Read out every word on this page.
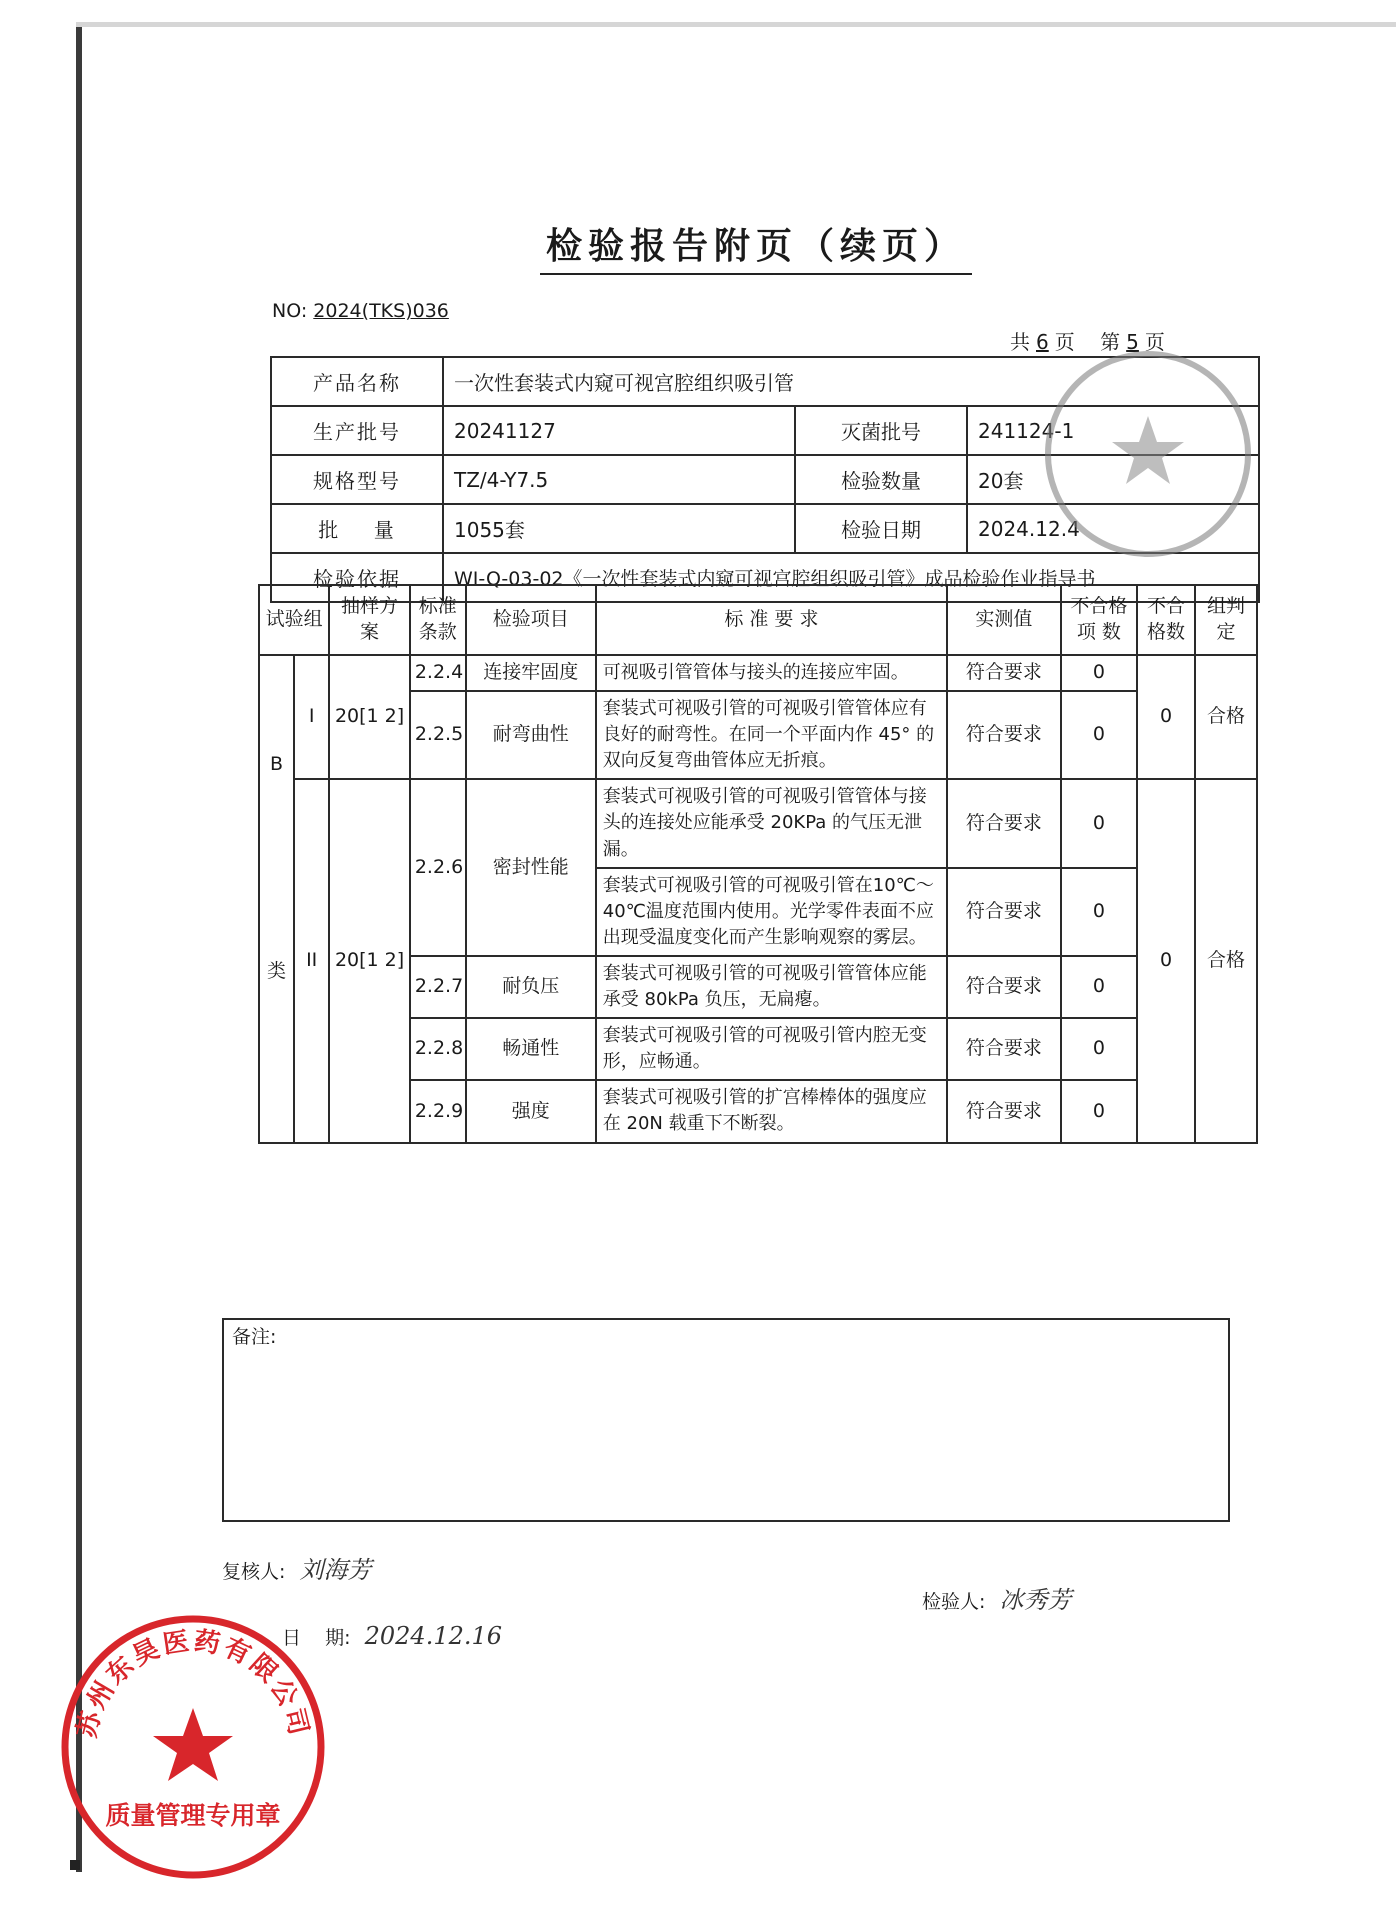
检验报告附页（续页）
NO: 2024(TKS)036
共 6 页 第 5 页
产品名称	一次性套装式内窥可视宫腔组织吸引管		
生产批号	20241127	灭菌批号	241124-1
规格型号	TZ/4-Y7.5	检验数量	20套
批    量	1055套	检验日期	2024.12.4
检验依据	WI-Q-03-02《一次性套装式内窥可视宫腔组织吸引管》成品检验作业指导书		
试验组		抽样方案	标准条款	检验项目	标 准 要 求	实测值	不合格项 数	不合格数	组判定
B	I	20[1 2]	2.2.4	连接牢固度	可视吸引管管体与接头的连接应牢固。	符合要求	0	0	合格
			2.2.5	耐弯曲性	套装式可视吸引管的可视吸引管管体应有良好的耐弯性。在同一个平面内作 45° 的双向反复弯曲管体应无折痕。	符合要求	0		
类	II	20[1 2]	2.2.6	密封性能	套装式可视吸引管的可视吸引管管体与接头的连接处应能承受 20KPa 的气压无泄漏。	符合要求	0	0	合格
					套装式可视吸引管的可视吸引管在10℃～40℃温度范围内使用。光学零件表面不应出现受温度变化而产生影响观察的雾层。	符合要求	0		
			2.2.7	耐负压	套装式可视吸引管的可视吸引管管体应能承受 80kPa 负压，无扁瘪。	符合要求	0		
			2.2.8	畅通性	套装式可视吸引管的可视吸引管内腔无变形，应畅通。	符合要求	0		
			2.2.9	强度	套装式可视吸引管的扩宫棒棒体的强度应在 20N 载重下不断裂。	符合要求	0		
备注:
复核人: 刘海芳
日    期: 2024.12.16
检验人: 冰秀芳
苏州东昊医药有限公司
质量管理专用章
